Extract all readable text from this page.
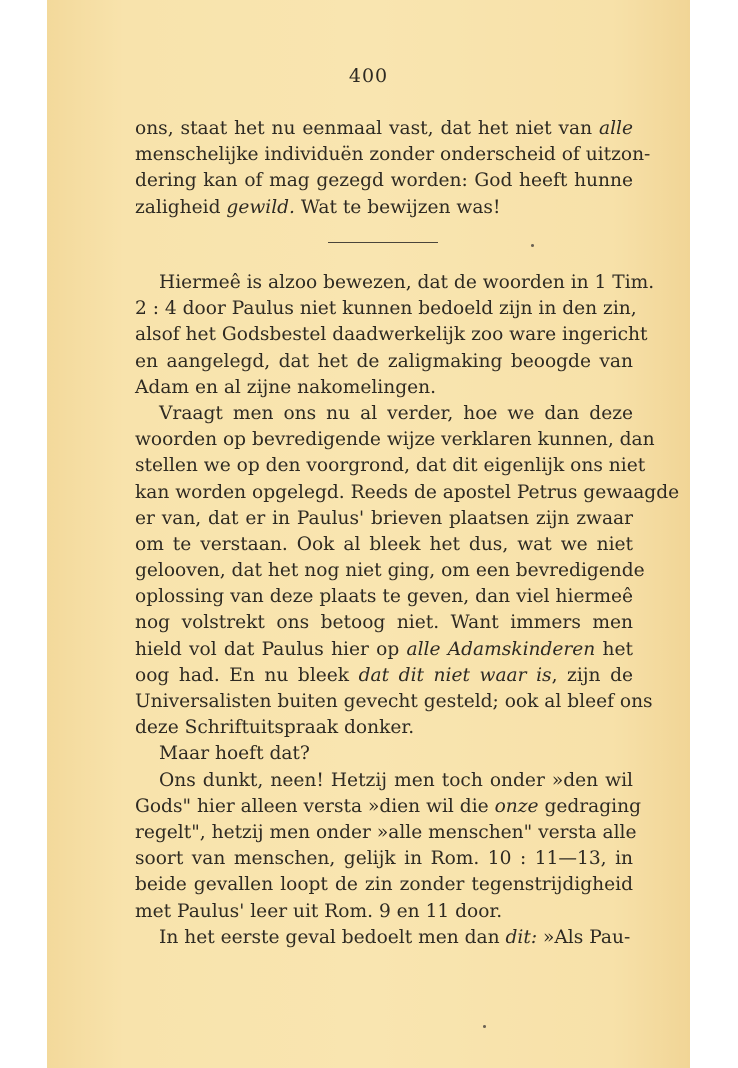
400
ons, staat het nu eenmaal vast, dat het niet van alle
menschelijke individuën zonder onderscheid of uitzon-
dering kan of mag gezegd worden: God heeft hunne
zaligheid gewild. Wat te bewijzen was!
Hiermeê is alzoo bewezen, dat de woorden in 1 Tim.
2 : 4 door Paulus niet kunnen bedoeld zijn in den zin,
alsof het Godsbestel daadwerkelijk zoo ware ingericht
en aangelegd, dat het de zaligmaking beoogde van
Adam en al zijne nakomelingen.
Vraagt men ons nu al verder, hoe we dan deze
woorden op bevredigende wijze verklaren kunnen, dan
stellen we op den voorgrond, dat dit eigenlijk ons niet
kan worden opgelegd. Reeds de apostel Petrus gewaagde
er van, dat er in Paulus' brieven plaatsen zijn zwaar
om te verstaan. Ook al bleek het dus, wat we niet
gelooven, dat het nog niet ging, om een bevredigende
oplossing van deze plaats te geven, dan viel hiermeê
nog volstrekt ons betoog niet. Want immers men
hield vol dat Paulus hier op alle Adamskinderen het
oog had. En nu bleek dat dit niet waar is, zijn de
Universalisten buiten gevecht gesteld; ook al bleef ons
deze Schriftuitspraak donker.
Maar hoeft dat?
Ons dunkt, neen! Hetzij men toch onder »den wil
Gods" hier alleen versta »dien wil die onze gedraging
regelt", hetzij men onder »alle menschen" versta alle
soort van menschen, gelijk in Rom. 10 : 11—13, in
beide gevallen loopt de zin zonder tegenstrijdigheid
met Paulus' leer uit Rom. 9 en 11 door.
In het eerste geval bedoelt men dan dit: »Als Pau-
